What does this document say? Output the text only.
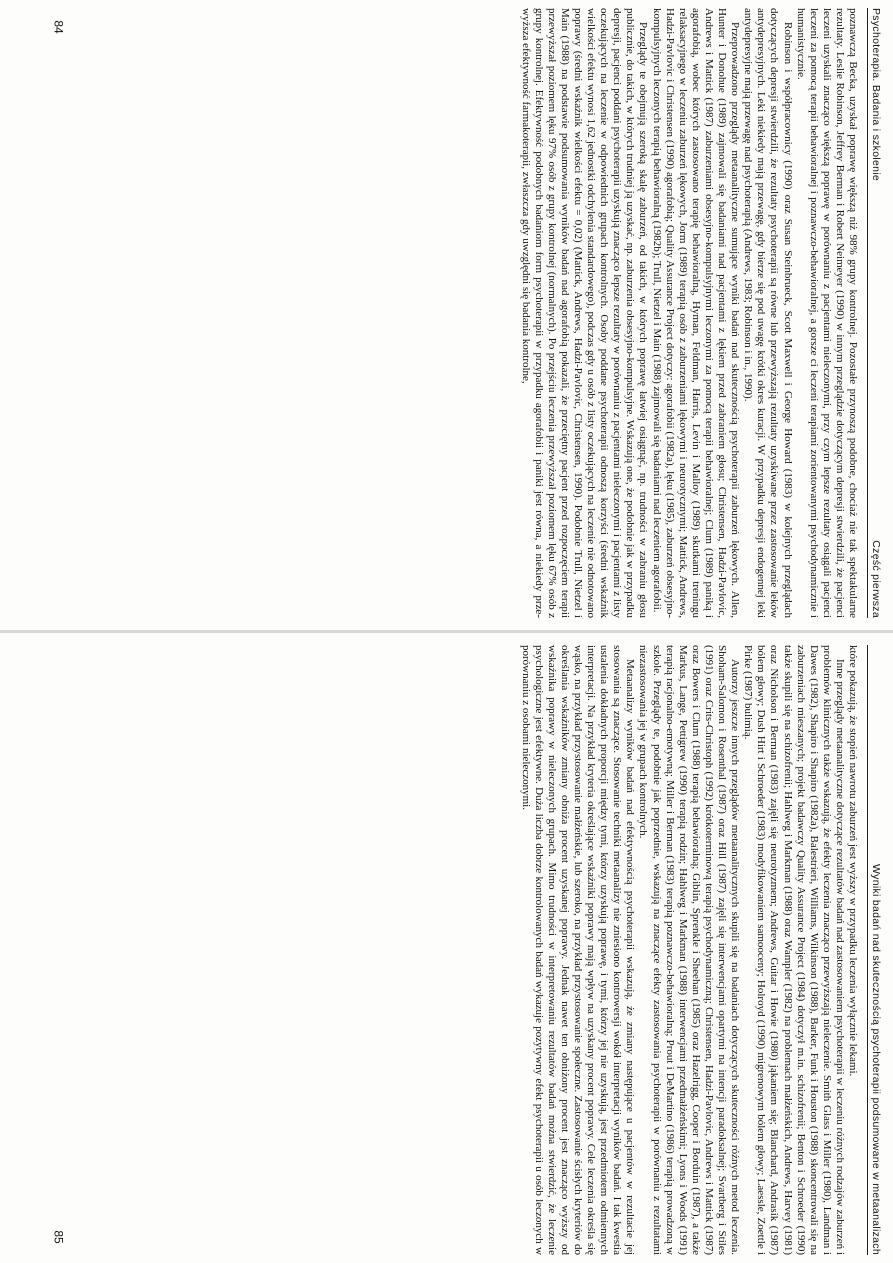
Psychoterapia. Badania i szkolenie
Część pierwsza

poznawczą Becka, uzyskał poprawę większą niż 98% grupy kontrolnej. Pozostałe przynoszą podobne, chociaż nie tak spektakularne rezultaty. Leslie Robinson, Jeffrey Berman i Robert Neimeyer (1990) w innym przeglądzie dotyczącym depresji stwierdzili, że pacjenci leczeni uzyskali znacząco większą poprawę w porównaniu z pacjentami nieleczonymi, przy czym lepsze rezultaty osiągali pacjenci leczeni za pomocą terapii behawioralnej i poznawczo-behawioralnej, a gorsze ci leczeni terapiami zorientowanymi psychodynamicznie i humanistycznie.

Robinson i współpracownicy (1990) oraz Susan Steinbrueck, Scott Maxwell i George Howard (1983) w kolejnych przeglądach dotyczących depresji stwierdzili, że rezultaty psychoterapii są równe lub przewyższają rezultaty uzyskiwane przez zastosowanie leków antydepresyjnych. Leki niekiedy mają przewagę, gdy bierze się pod uwagę krótki okres kuracji. W przypadku depresji endogennej leki antydepresyjne mają przewagę nad psychoterapią (Andrews, 1983; Robinson i in., 1990).

Przeprowadzono przeglądy metaanalityczne sumujące wyniki badań nad skutecznością psychoterapii zaburzeń lękowych. Allen, Hunter i Donohue (1989) zajmowali się badaniami nad pacjentami z lękiem przed zabraniem głosu; Christensen, Hadzi-Pavlovic, Andrews i Mattick (1987) zaburzeniami obsesyjno-kompulsyjnymi leczonymi za pomocą terapii behawioralnej; Clum (1989) paniką i agorafobią, wobec których zastosowano terapię behawioralną, Hyman, Feldman, Harris, Levin i Malloy (1989) skutkami treningu relaksacyjnego w leczeniu zaburzeń lękowych, Jorm (1989) terapią osób z zaburzeniami lękowymi i neurotycznymi; Mattick, Andrews, Hadzi-Pavlovic i Christensen (1990) agorafobią; Quality Assurance Project dotyczy: agorafobii (1982a), lęku (1985), zaburzeń obsesyjno-kompulsyjnych leczonych terapią behawioralną (1982b); Trull, Nietzel i Main (1988) zajmowali się badaniami nad leczeniem agorafobii.

Przeglądy te obejmują szeroką skalę zaburzeń, od takich, w których poprawę łatwiej osiągnąć, np. trudności w zabraniu głosu publicznie, do takich, w których trudniej ją uzyskać, np. zaburzenia obsesyjno-kompulsyjne. Wskazują one, że podobnie jak w przypadku depresji, pacjenci poddani psychoterapii uzyskują znacząco lepsze rezultaty w porównaniu z pacjentami nieleczonymi i pacjentami z listy oczekujących na leczenie w odpowiednich grupach kontrolnych. Osoby poddane psychoterapii odnoszą korzyści (średni wskaźnik wielkości efektu wynosi 1,62 jednostki odchylenia standardowego), podczas gdy u osób z listy oczekujących na leczenie nie odnotowano poprawy (średni wskaźnik wielkości efektu = 0,02) (Mattick, Andrews, Hadzi-Pavlovic, Christensen, 1990). Podobnie Trull, Nietzel i Main (1988) na podstawie podsumowania wyników badań nad agorafobią pokazali, że przeciętny pacjent przed rozpoczęciem terapii przewyższał poziomem lęku 97% osób z grupy kontrolnej (normalnych). Po przejściu leczenia przewyższał poziomem lęku 67% osób z grupy kontrolnej. Efektywność podobnych badaniom form psychoterapii w przypadku agorafobii i paniki jest równa, a niekiedy przewyższa efektywność farmakoterapii, zwłaszcza gdy uwzględni się badania kontrolne,

84
Wyniki badań nad skutecznością psychoterapii podsumowane w metaanalizach

które pokazują, że stopień nawrotu zaburzeń jest wyższy w przypadku leczenia wyłącznie lekami.

Inne przeglądy metaanalityczne dotyczące rezultatów badań nad zastosowaniem psychoterapii w leczeniu różnych rodzajów zaburzeń i problemów klinicznych także wskazują, że efekty leczenia znacząco przewyższają nieleczenie. Smith Glass i Miller (1980), Landman i Dawes (1982), Shapiro i Shapiro (1982a), Balestrieri, Williams, Wilkinson (1988), Barker, Funk i Houston (1988) skoncentrowali się na zaburzeniach mieszanych; projekt badawczy Quality Assurance Project (1984) dotyczył m.in. schizofrenii; Benton i Schroeder (1990) także skupili się na schizofrenii; Hahlweg i Markman (1988) oraz Wampler (1982) na problemach małżeńskich, Andrews, Harvey (1981) oraz Nicholson i Berman (1983) zajęli się neurotyzmem; Andrews, Guitar i Howie (1980) jąkaniem się; Blanchard, Andrasik (1987) bólem głowy; Dush Hirt i Schroeder (1983) modyfikowaniem samooceny; Holroyd (1990) migrenowym bólem głowy; Laessle, Zoettle i Pirke (1987) bulimią.

Autorzy jeszcze innych przeglądów metaanalitycznych skupili się na badaniach dotyczących skuteczności różnych metod leczenia. Shoham-Salomon i Rosenthal (1987) oraz Hill (1987) zajęli się interwencjami opartymi na intencji paradoksalnej; Svartberg i Stiles (1991) oraz Crits-Christoph (1992) krótkoterminową terapią psychodynamiczną; Christensen, Hadzi-Pavlovic, Andrews i Mattick (1987) oraz Bowers i Clum (1988) terapią behawioralną; Giblin, Sprenkle i Sheehan (1985) oraz Hazelrigg, Cooper i Borduin (1987), a także Markus, Lange, Pettigrew (1990) terapią rodzin; Hahlweg i Markman (1988) interwencjami przedmałżeńskimi; Lyons i Woods (1991) terapią racjonalno-emotywną; Miller i Berman (1983) terapią poznawczo-behawioralną; Prout i DeMartino (1986) terapią prowadzoną w szkole. Przeglądy te, podobnie jak poprzednie, wskazują na znaczące efekty zastosowania psychoterapii w porównaniu z rezultatami niezastosowania jej w grupach kontrolnych.

Metaanalizy wyników badań nad efektywnością psychoterapii wskazują, że zmiany następujące u pacjentów w rezultacie jej stosowania są znaczące. Stosowanie techniki metaanalizy nie zniesiono kontrowersji wokół interpretacji wyników badań. I tak kwestia ustalenia dokładnych proporcji między tymi, którzy uzyskują poprawę, i tymi, którzy jej nie uzyskują, jest przedmiotem odmiennych interpretacji. Na przykład kryteria określające wskaźniki poprawy mają wpływ na uzyskany procent poprawy. Cele leczenia określa się wąsko, na przykład przystosowanie małżeńskie, lub szeroko, na przykład przystosowanie społeczne. Zastosowanie ścisłych kryteriów do określania wskaźników zmiany obniża procent uzyskanej poprawy. Jednak nawet ten obniżony procent jest znacząco wyższy od wskaźnika poprawy w nieleczonych grupach. Mimo trudności w interpretowaniu rezultatów badań można stwierdzić, że leczenie psychologiczne jest efektywne. Duża liczba dobrze kontrolowanych badań wykazuje pozytywny efekt psychoterapii u osób leczonych w porównaniu z osobami nieleczonymi.

85
